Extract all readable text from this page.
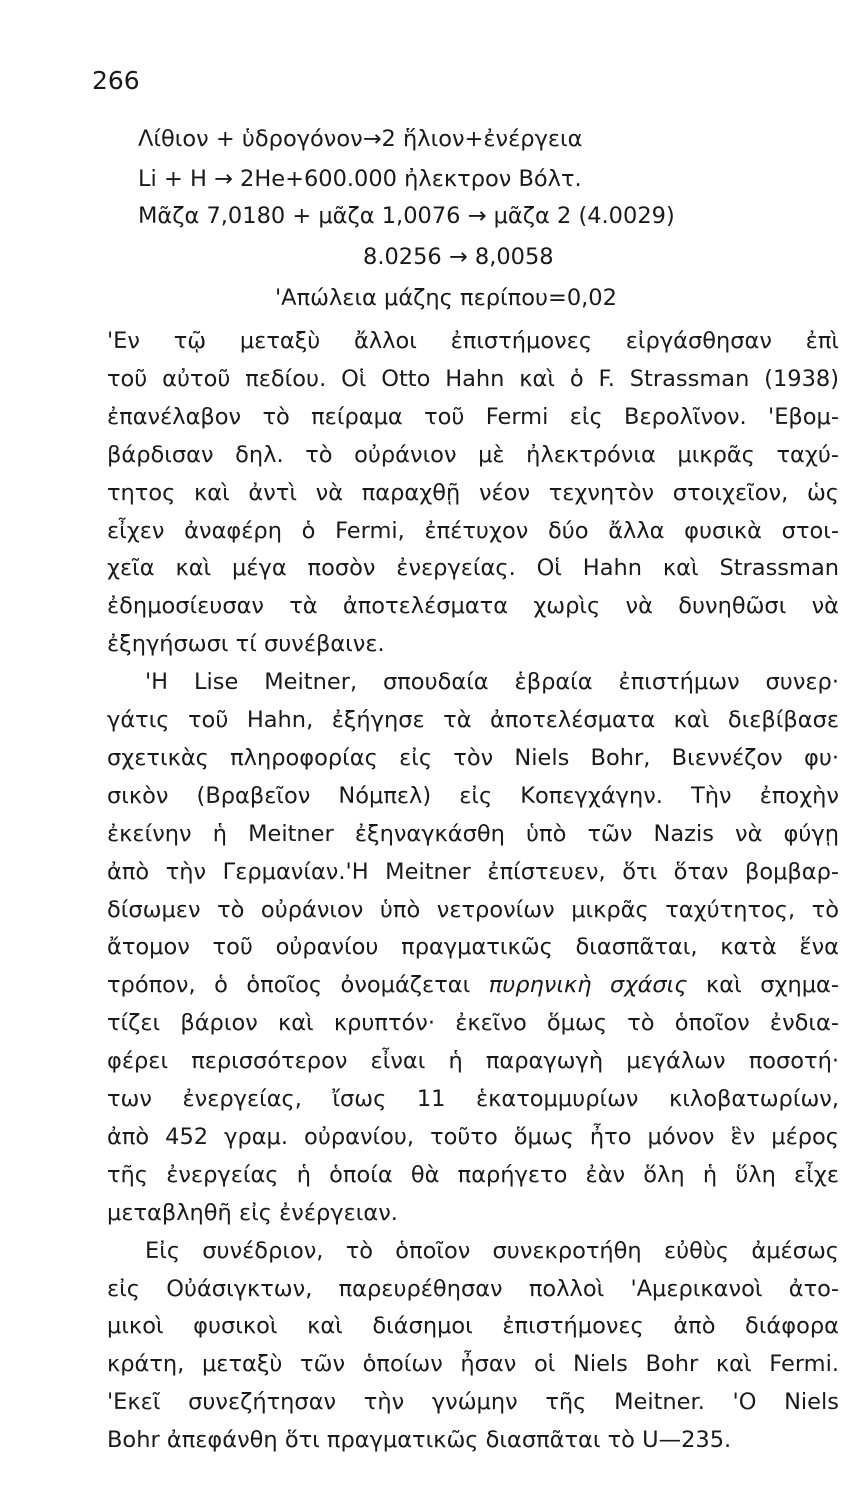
266
Λίθιον + ὑδρογόνον→2 ἥλιον+ἐνέργεια
Li + H → 2He+600.000 ἠλεκτρον Βόλτ.
Μᾶζα 7,0180 + μᾶζα 1,0076 → μᾶζα 2 (4.0029)
8.0256 → 8,0058
'Απώλεια μάζης περίπου=0,02
'Εν τῷ μεταξὺ ἄλλοι ἐπιστήμονες εἰργάσθησαν ἐπὶ
τοῦ αὐτοῦ πεδίου. Οἱ Otto Hahn καὶ ὁ F. Strassman (1938)
ἐπανέλαβον τὸ πείραμα τοῦ Fermi εἰς Βερολῖνον. 'Εβομ-
βάρδισαν δηλ. τὸ οὐράνιον μὲ ἠλεκτρόνια μικρᾶς ταχύ-
τητος καὶ ἀντὶ νὰ παραχθῇ νέον τεχνητὸν στοιχεῖον, ὡς
εἶχεν ἀναφέρη ὁ Fermi, ἐπέτυχον δύο ἄλλα φυσικὰ στοι-
χεῖα καὶ μέγα ποσὸν ἐνεργείας. Οἱ Hahn καὶ Strassman
ἐδημοσίευσαν τὰ ἀποτελέσματα χωρὶς νὰ δυνηθῶσι νὰ
ἐξηγήσωσι τί συνέβαινε.
'Η Lise Meitner, σπουδαία ἑβραία ἐπιστήμων συνερ·
γάτις τοῦ Hahn, ἐξήγησε τὰ ἀποτελέσματα καὶ διεβίβασε
σχετικὰς πληροφορίας εἰς τὸν Niels Bohr, Βιεννέζον φυ·
σικὸν (Βραβεῖον Νόμπελ) εἰς Κοπεγχάγην. Τὴν ἐποχὴν
ἐκείνην ἡ Meitner ἐξηναγκάσθη ὑπὸ τῶν Nazis νὰ φύγῃ
ἀπὸ τὴν Γερμανίαν.'Η Meitner ἐπίστευεν, ὅτι ὅταν βομβαρ-
δίσωμεν τὸ οὐράνιον ὑπὸ νετρονίων μικρᾶς ταχύτητος, τὸ
ἄτομον τοῦ οὐρανίου πραγματικῶς διασπᾶται, κατὰ ἕνα
τρόπον, ὁ ὁποῖος ὀνομάζεται πυρηνικὴ σχάσις καὶ σχημα-
τίζει βάριον καὶ κρυπτόν· ἐκεῖνο ὅμως τὸ ὁποῖον ἐνδια-
φέρει περισσότερον εἶναι ἡ παραγωγὴ μεγάλων ποσοτή·
των ἐνεργείας, ἴσως 11 ἑκατομμυρίων κιλοβατωρίων,
ἀπὸ 452 γραμ. οὐρανίου, τοῦτο ὅμως ἦτο μόνον ἓν μέρος
τῆς ἐνεργείας ἡ ὁποία θὰ παρήγετο ἐὰν ὅλη ἡ ὕλη εἶχε
μεταβληθῆ εἰς ἐνέργειαν.
Εἰς συνέδριον, τὸ ὁποῖον συνεκροτήθη εὐθὺς ἀμέσως
εἰς Οὐάσιγκτων, παρευρέθησαν πολλοὶ 'Αμερικανοὶ ἀτο-
μικοὶ φυσικοὶ καὶ διάσημοι ἐπιστήμονες ἀπὸ διάφορα
κράτη, μεταξὺ τῶν ὁποίων ἦσαν οἱ Niels Bohr καὶ Fermi.
'Εκεῖ συνεζήτησαν τὴν γνώμην τῆς Meitner. 'Ο Niels
Bohr ἀπεφάνθη ὅτι πραγματικῶς διασπᾶται τὸ U—235.
